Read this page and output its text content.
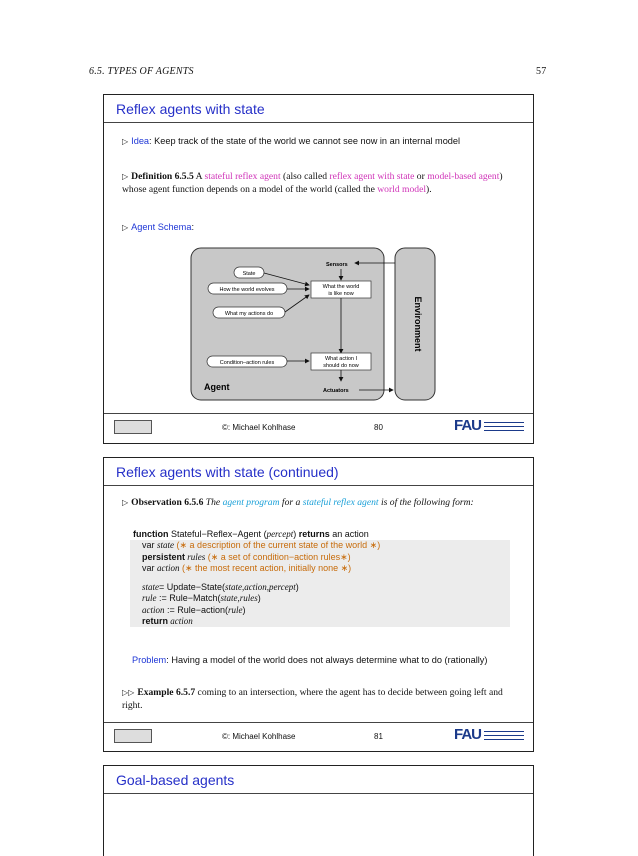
6.5. TYPES OF AGENTS	57
Reflex agents with state
▷ Idea: Keep track of the state of the world we cannot see now in an internal model
▷ Definition 6.5.5 A stateful reflex agent (also called reflex agent with state or model-based agent) whose agent function depends on a model of the world (called the world model).
▷ Agent Schema:
Environment
Sensors
State
How the world evolves
What my actions do
What the world
is like now
Condition–action rules
What action I
should do now
Agent	Actuators
©: Michael Kohlhase	80	FAU
Reflex agents with state (continued)
▷ Observation 6.5.6 The agent program for a stateful reflex agent is of the following form:
function Stateful−Reflex−Agent (percept) returns an action
var state (∗ a description of the current state of the world ∗)
persistent rules (∗ a set of condition−action rules∗)
var action (∗ the most recent action, initially none ∗)
state= Update−State(state,action,percept)
rule := Rule−Match(state,rules)
action := Rule−action(rule)
return action
Problem: Having a model of the world does not always determine what to do (rationally)
▷▷ Example 6.5.7 coming to an intersection, where the agent has to decide between going left and right.
©: Michael Kohlhase	81	FAU
Goal-based agents
